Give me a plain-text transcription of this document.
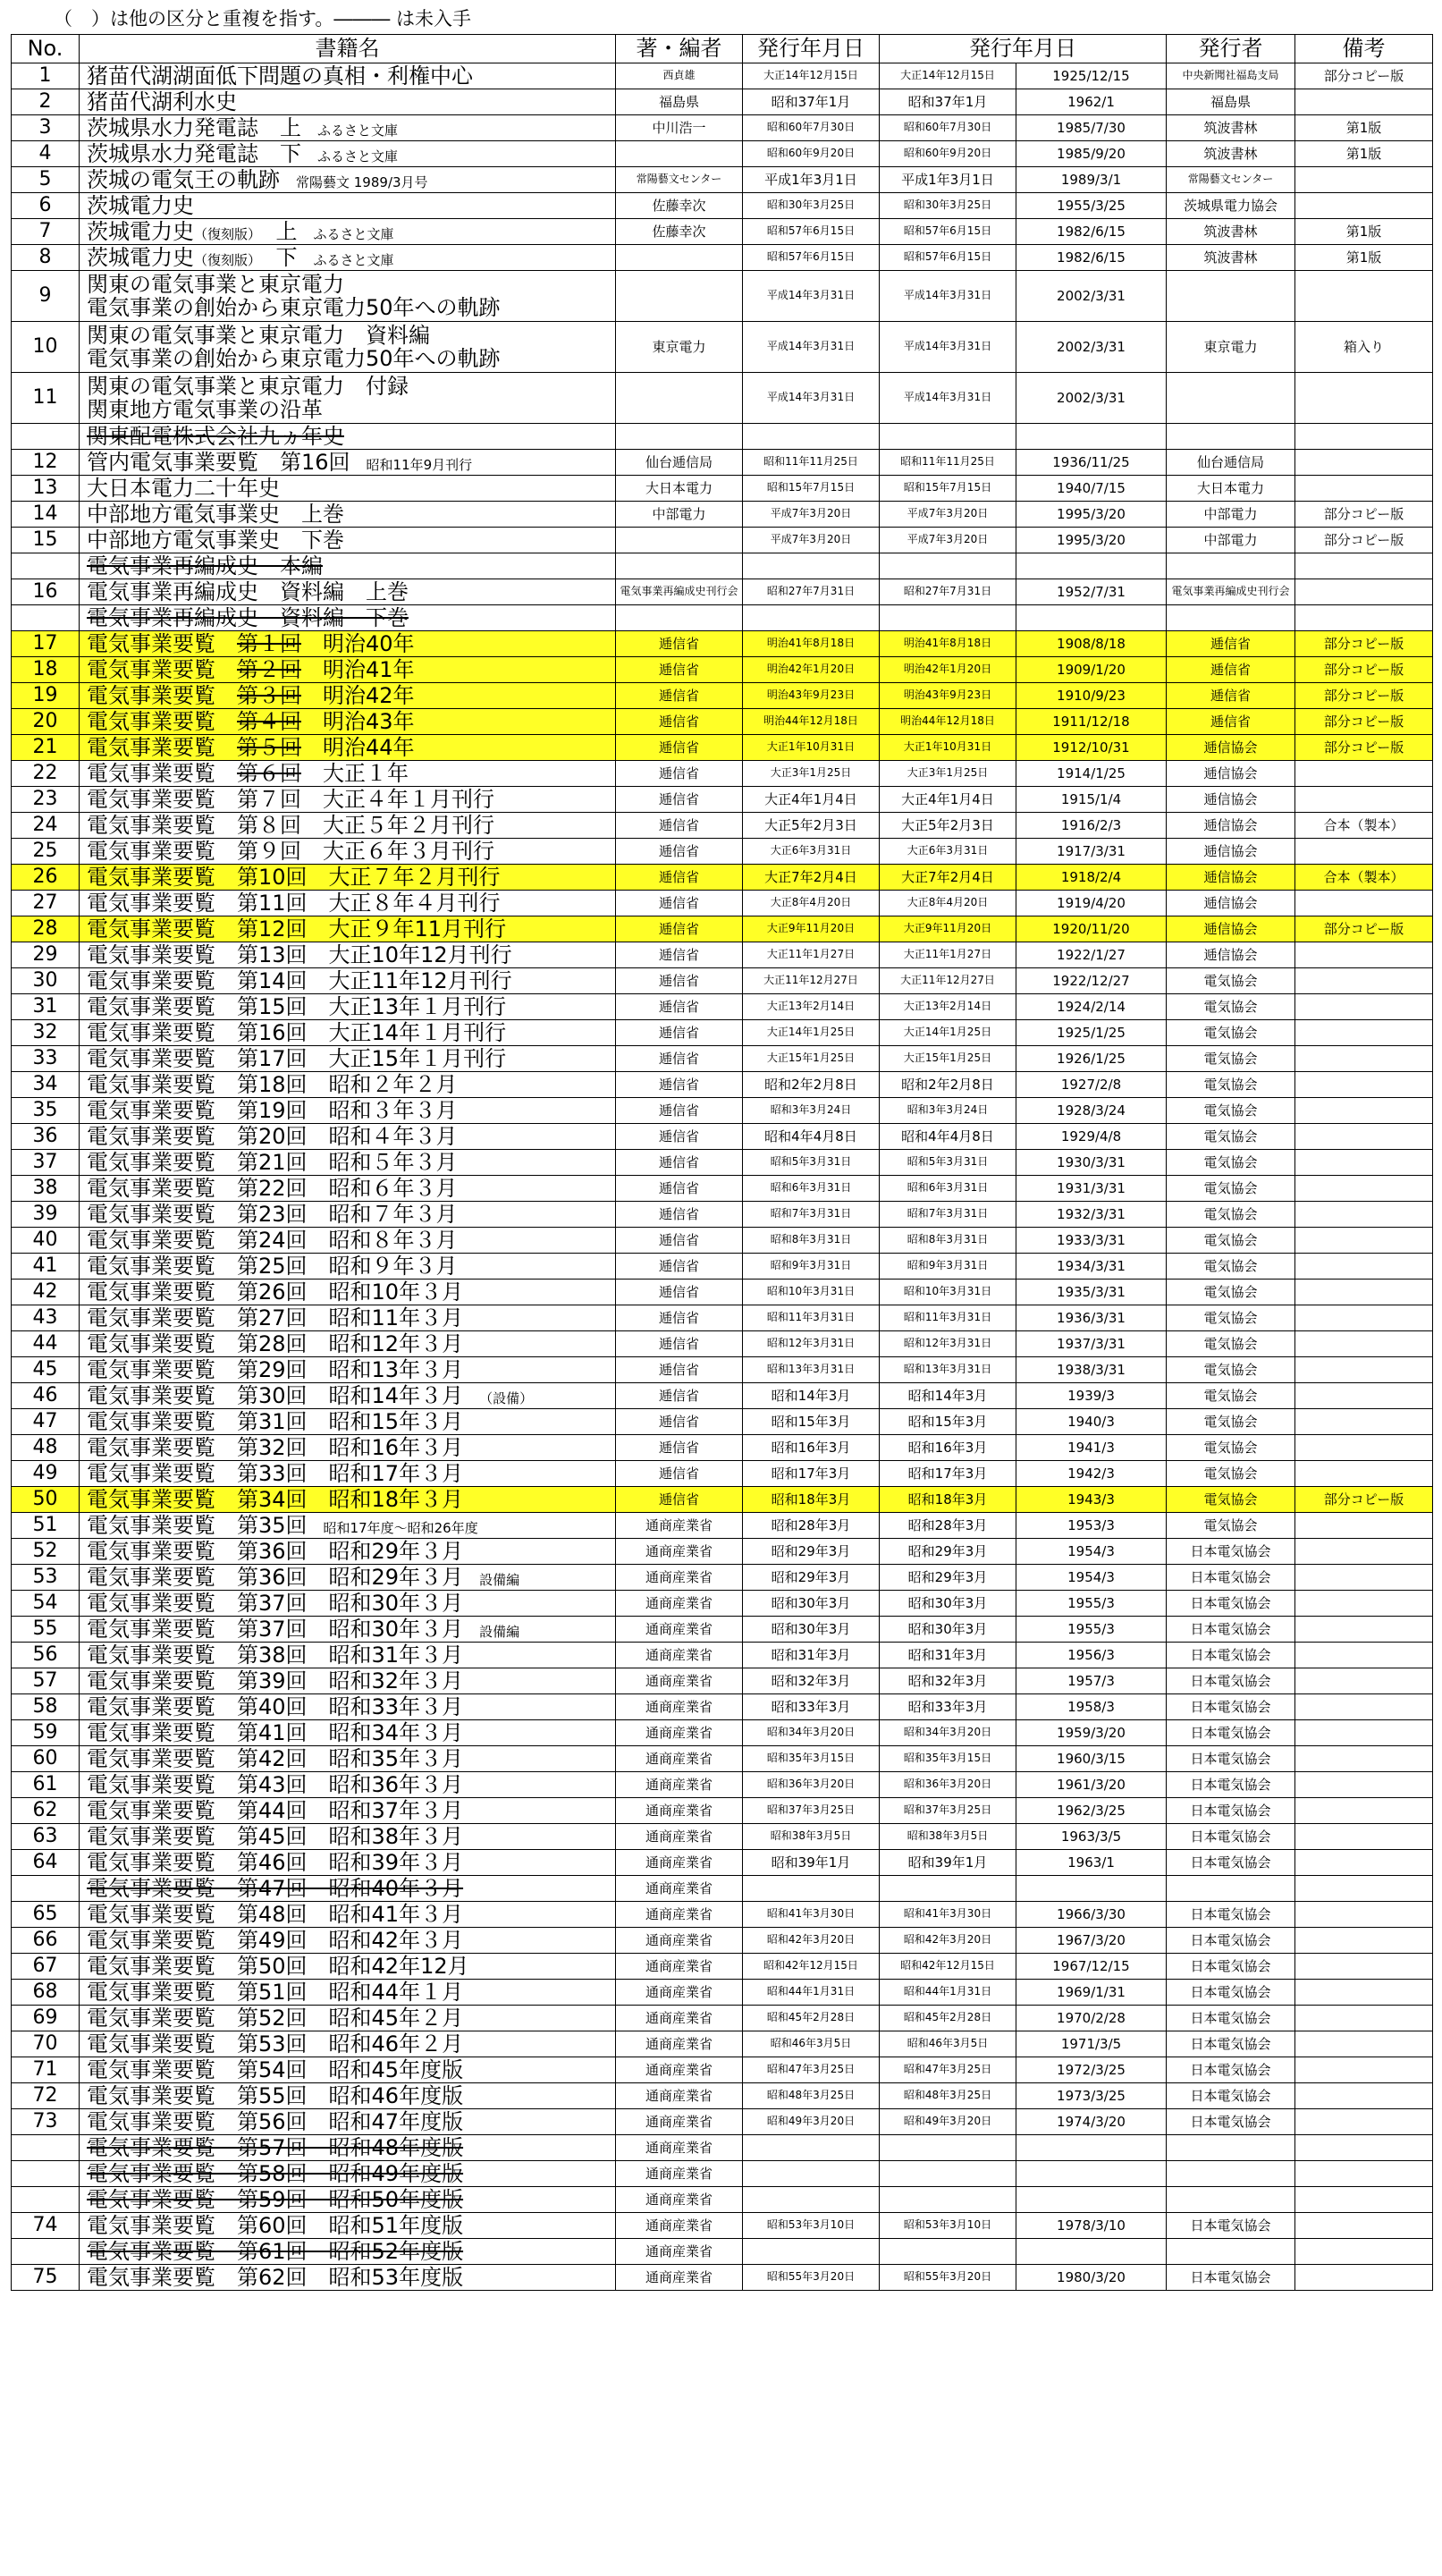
（　）は他の区分と重複を指す。――― は未入手
No.	書籍名	著・編者	発行年月日	発行年月日		発行者	備考
1	猪苗代湖湖面低下問題の真相・利権中心	西貞雄	大正14年12月15日	大正14年12月15日	1925/12/15	中央新聞社福島支局	部分コピー版
2	猪苗代湖利水史	福島県	昭和37年1月	昭和37年1月	1962/1	福島県	
3	茨城県水力発電誌　上 ふるさと文庫	中川浩一	昭和60年7月30日	昭和60年7月30日	1985/7/30	筑波書林	第1版
4	茨城県水力発電誌　下 ふるさと文庫		昭和60年9月20日	昭和60年9月20日	1985/9/20	筑波書林	第1版
5	茨城の電気王の軌跡 常陽藝文 1989/3月号	常陽藝文センター	平成1年3月1日	平成1年3月1日	1989/3/1	常陽藝文センター	
6	茨城電力史	佐藤幸次	昭和30年3月25日	昭和30年3月25日	1955/3/25	茨城県電力協会	
7	茨城電力史（復刻版）　上 ふるさと文庫	佐藤幸次	昭和57年6月15日	昭和57年6月15日	1982/6/15	筑波書林	第1版
8	茨城電力史（復刻版）　下 ふるさと文庫		昭和57年6月15日	昭和57年6月15日	1982/6/15	筑波書林	第1版
9	関東の電気事業と東京電力
電気事業の創始から東京電力50年への軌跡		平成14年3月31日	平成14年3月31日	2002/3/31		
10	関東の電気事業と東京電力　資料編
電気事業の創始から東京電力50年への軌跡	東京電力	平成14年3月31日	平成14年3月31日	2002/3/31	東京電力	箱入り
11	関東の電気事業と東京電力　付録
関東地方電気事業の沿革		平成14年3月31日	平成14年3月31日	2002/3/31		
	関東配電株式会社九ヵ年史						
12	管内電気事業要覧　第16回 昭和11年9月刊行	仙台逓信局	昭和11年11月25日	昭和11年11月25日	1936/11/25	仙台逓信局	
13	大日本電力二十年史	大日本電力	昭和15年7月15日	昭和15年7月15日	1940/7/15	大日本電力	
14	中部地方電気事業史　上巻	中部電力	平成7年3月20日	平成7年3月20日	1995/3/20	中部電力	部分コピー版
15	中部地方電気事業史　下巻		平成7年3月20日	平成7年3月20日	1995/3/20	中部電力	部分コピー版
	電気事業再編成史　本編						
16	電気事業再編成史　資料編　上巻	電気事業再編成史刊行会	昭和27年7月31日	昭和27年7月31日	1952/7/31	電気事業再編成史刊行会	
	電気事業再編成史　資料編　下巻						
17	電気事業要覧　 第１回　明治40年	逓信省	明治41年8月18日	明治41年8月18日	1908/8/18	逓信省	部分コピー版
18	電気事業要覧　 第２回　明治41年	逓信省	明治42年1月20日	明治42年1月20日	1909/1/20	逓信省	部分コピー版
19	電気事業要覧　 第３回　明治42年	逓信省	明治43年9月23日	明治43年9月23日	1910/9/23	逓信省	部分コピー版
20	電気事業要覧　 第４回　明治43年	逓信省	明治44年12月18日	明治44年12月18日	1911/12/18	逓信省	部分コピー版
21	電気事業要覧　 第５回　明治44年	逓信省	大正1年10月31日	大正1年10月31日	1912/10/31	逓信協会	部分コピー版
22	電気事業要覧　 第６回　大正１年	逓信省	大正3年1月25日	大正3年1月25日	1914/1/25	逓信協会	
23	電気事業要覧　第７回　大正４年１月刊行	逓信省	大正4年1月4日	大正4年1月4日	1915/1/4	逓信協会	
24	電気事業要覧　第８回　大正５年２月刊行	逓信省	大正5年2月3日	大正5年2月3日	1916/2/3	逓信協会	合本（製本）
25	電気事業要覧　第９回　大正６年３月刊行	逓信省	大正6年3月31日	大正6年3月31日	1917/3/31	逓信協会	
26	電気事業要覧　第10回　大正７年２月刊行	逓信省	大正7年2月4日	大正7年2月4日	1918/2/4	逓信協会	合本（製本）
27	電気事業要覧　第11回　大正８年４月刊行	逓信省	大正8年4月20日	大正8年4月20日	1919/4/20	逓信協会	
28	電気事業要覧　第12回　大正９年11月刊行	逓信省	大正9年11月20日	大正9年11月20日	1920/11/20	逓信協会	部分コピー版
29	電気事業要覧　第13回　大正10年12月刊行	逓信省	大正11年1月27日	大正11年1月27日	1922/1/27	逓信協会	
30	電気事業要覧　第14回　大正11年12月刊行	逓信省	大正11年12月27日	大正11年12月27日	1922/12/27	電気協会	
31	電気事業要覧　第15回　大正13年１月刊行	逓信省	大正13年2月14日	大正13年2月14日	1924/2/14	電気協会	
32	電気事業要覧　第16回　大正14年１月刊行	逓信省	大正14年1月25日	大正14年1月25日	1925/1/25	電気協会	
33	電気事業要覧　第17回　大正15年１月刊行	逓信省	大正15年1月25日	大正15年1月25日	1926/1/25	電気協会	
34	電気事業要覧　第18回　昭和２年２月	逓信省	昭和2年2月8日	昭和2年2月8日	1927/2/8	電気協会	
35	電気事業要覧　第19回　昭和３年３月	逓信省	昭和3年3月24日	昭和3年3月24日	1928/3/24	電気協会	
36	電気事業要覧　第20回　昭和４年３月	逓信省	昭和4年4月8日	昭和4年4月8日	1929/4/8	電気協会	
37	電気事業要覧　第21回　昭和５年３月	逓信省	昭和5年3月31日	昭和5年3月31日	1930/3/31	電気協会	
38	電気事業要覧　第22回　昭和６年３月	逓信省	昭和6年3月31日	昭和6年3月31日	1931/3/31	電気協会	
39	電気事業要覧　第23回　昭和７年３月	逓信省	昭和7年3月31日	昭和7年3月31日	1932/3/31	電気協会	
40	電気事業要覧　第24回　昭和８年３月	逓信省	昭和8年3月31日	昭和8年3月31日	1933/3/31	電気協会	
41	電気事業要覧　第25回　昭和９年３月	逓信省	昭和9年3月31日	昭和9年3月31日	1934/3/31	電気協会	
42	電気事業要覧　第26回　昭和10年３月	逓信省	昭和10年3月31日	昭和10年3月31日	1935/3/31	電気協会	
43	電気事業要覧　第27回　昭和11年３月	逓信省	昭和11年3月31日	昭和11年3月31日	1936/3/31	電気協会	
44	電気事業要覧　第28回　昭和12年３月	逓信省	昭和12年3月31日	昭和12年3月31日	1937/3/31	電気協会	
45	電気事業要覧　第29回　昭和13年３月	逓信省	昭和13年3月31日	昭和13年3月31日	1938/3/31	電気協会	
46	電気事業要覧　第30回　昭和14年３月 （設備）	逓信省	昭和14年3月	昭和14年3月	1939/3	電気協会	
47	電気事業要覧　第31回　昭和15年３月	逓信省	昭和15年3月	昭和15年3月	1940/3	電気協会	
48	電気事業要覧　第32回　昭和16年３月	逓信省	昭和16年3月	昭和16年3月	1941/3	電気協会	
49	電気事業要覧　第33回　昭和17年３月	逓信省	昭和17年3月	昭和17年3月	1942/3	電気協会	
50	電気事業要覧　第34回　昭和18年３月	逓信省	昭和18年3月	昭和18年3月	1943/3	電気協会	部分コピー版
51	電気事業要覧　第35回 昭和17年度～昭和26年度	通商産業省	昭和28年3月	昭和28年3月	1953/3	電気協会	
52	電気事業要覧　第36回　昭和29年３月	通商産業省	昭和29年3月	昭和29年3月	1954/3	日本電気協会	
53	電気事業要覧　第36回　昭和29年３月 設備編	通商産業省	昭和29年3月	昭和29年3月	1954/3	日本電気協会	
54	電気事業要覧　第37回　昭和30年３月	通商産業省	昭和30年3月	昭和30年3月	1955/3	日本電気協会	
55	電気事業要覧　第37回　昭和30年３月 設備編	通商産業省	昭和30年3月	昭和30年3月	1955/3	日本電気協会	
56	電気事業要覧　第38回　昭和31年３月	通商産業省	昭和31年3月	昭和31年3月	1956/3	日本電気協会	
57	電気事業要覧　第39回　昭和32年３月	通商産業省	昭和32年3月	昭和32年3月	1957/3	日本電気協会	
58	電気事業要覧　第40回　昭和33年３月	通商産業省	昭和33年3月	昭和33年3月	1958/3	日本電気協会	
59	電気事業要覧　第41回　昭和34年３月	通商産業省	昭和34年3月20日	昭和34年3月20日	1959/3/20	日本電気協会	
60	電気事業要覧　第42回　昭和35年３月	通商産業省	昭和35年3月15日	昭和35年3月15日	1960/3/15	日本電気協会	
61	電気事業要覧　第43回　昭和36年３月	通商産業省	昭和36年3月20日	昭和36年3月20日	1961/3/20	日本電気協会	
62	電気事業要覧　第44回　昭和37年３月	通商産業省	昭和37年3月25日	昭和37年3月25日	1962/3/25	日本電気協会	
63	電気事業要覧　第45回　昭和38年３月	通商産業省	昭和38年3月5日	昭和38年3月5日	1963/3/5	日本電気協会	
64	電気事業要覧　第46回　昭和39年３月	通商産業省	昭和39年1月	昭和39年1月	1963/1	日本電気協会	
	電気事業要覧　第47回　昭和40年３月	通商産業省					
65	電気事業要覧　第48回　昭和41年３月	通商産業省	昭和41年3月30日	昭和41年3月30日	1966/3/30	日本電気協会	
66	電気事業要覧　第49回　昭和42年３月	通商産業省	昭和42年3月20日	昭和42年3月20日	1967/3/20	日本電気協会	
67	電気事業要覧　第50回　昭和42年12月	通商産業省	昭和42年12月15日	昭和42年12月15日	1967/12/15	日本電気協会	
68	電気事業要覧　第51回　昭和44年１月	通商産業省	昭和44年1月31日	昭和44年1月31日	1969/1/31	日本電気協会	
69	電気事業要覧　第52回　昭和45年２月	通商産業省	昭和45年2月28日	昭和45年2月28日	1970/2/28	日本電気協会	
70	電気事業要覧　第53回　昭和46年２月	通商産業省	昭和46年3月5日	昭和46年3月5日	1971/3/5	日本電気協会	
71	電気事業要覧　第54回　昭和45年度版	通商産業省	昭和47年3月25日	昭和47年3月25日	1972/3/25	日本電気協会	
72	電気事業要覧　第55回　昭和46年度版	通商産業省	昭和48年3月25日	昭和48年3月25日	1973/3/25	日本電気協会	
73	電気事業要覧　第56回　昭和47年度版	通商産業省	昭和49年3月20日	昭和49年3月20日	1974/3/20	日本電気協会	
	電気事業要覧　第57回　昭和48年度版	通商産業省					
	電気事業要覧　第58回　昭和49年度版	通商産業省					
	電気事業要覧　第59回　昭和50年度版	通商産業省					
74	電気事業要覧　第60回　昭和51年度版	通商産業省	昭和53年3月10日	昭和53年3月10日	1978/3/10	日本電気協会	
	電気事業要覧　第61回　昭和52年度版	通商産業省					
75	電気事業要覧　第62回　昭和53年度版	通商産業省	昭和55年3月20日	昭和55年3月20日	1980/3/20	日本電気協会	
